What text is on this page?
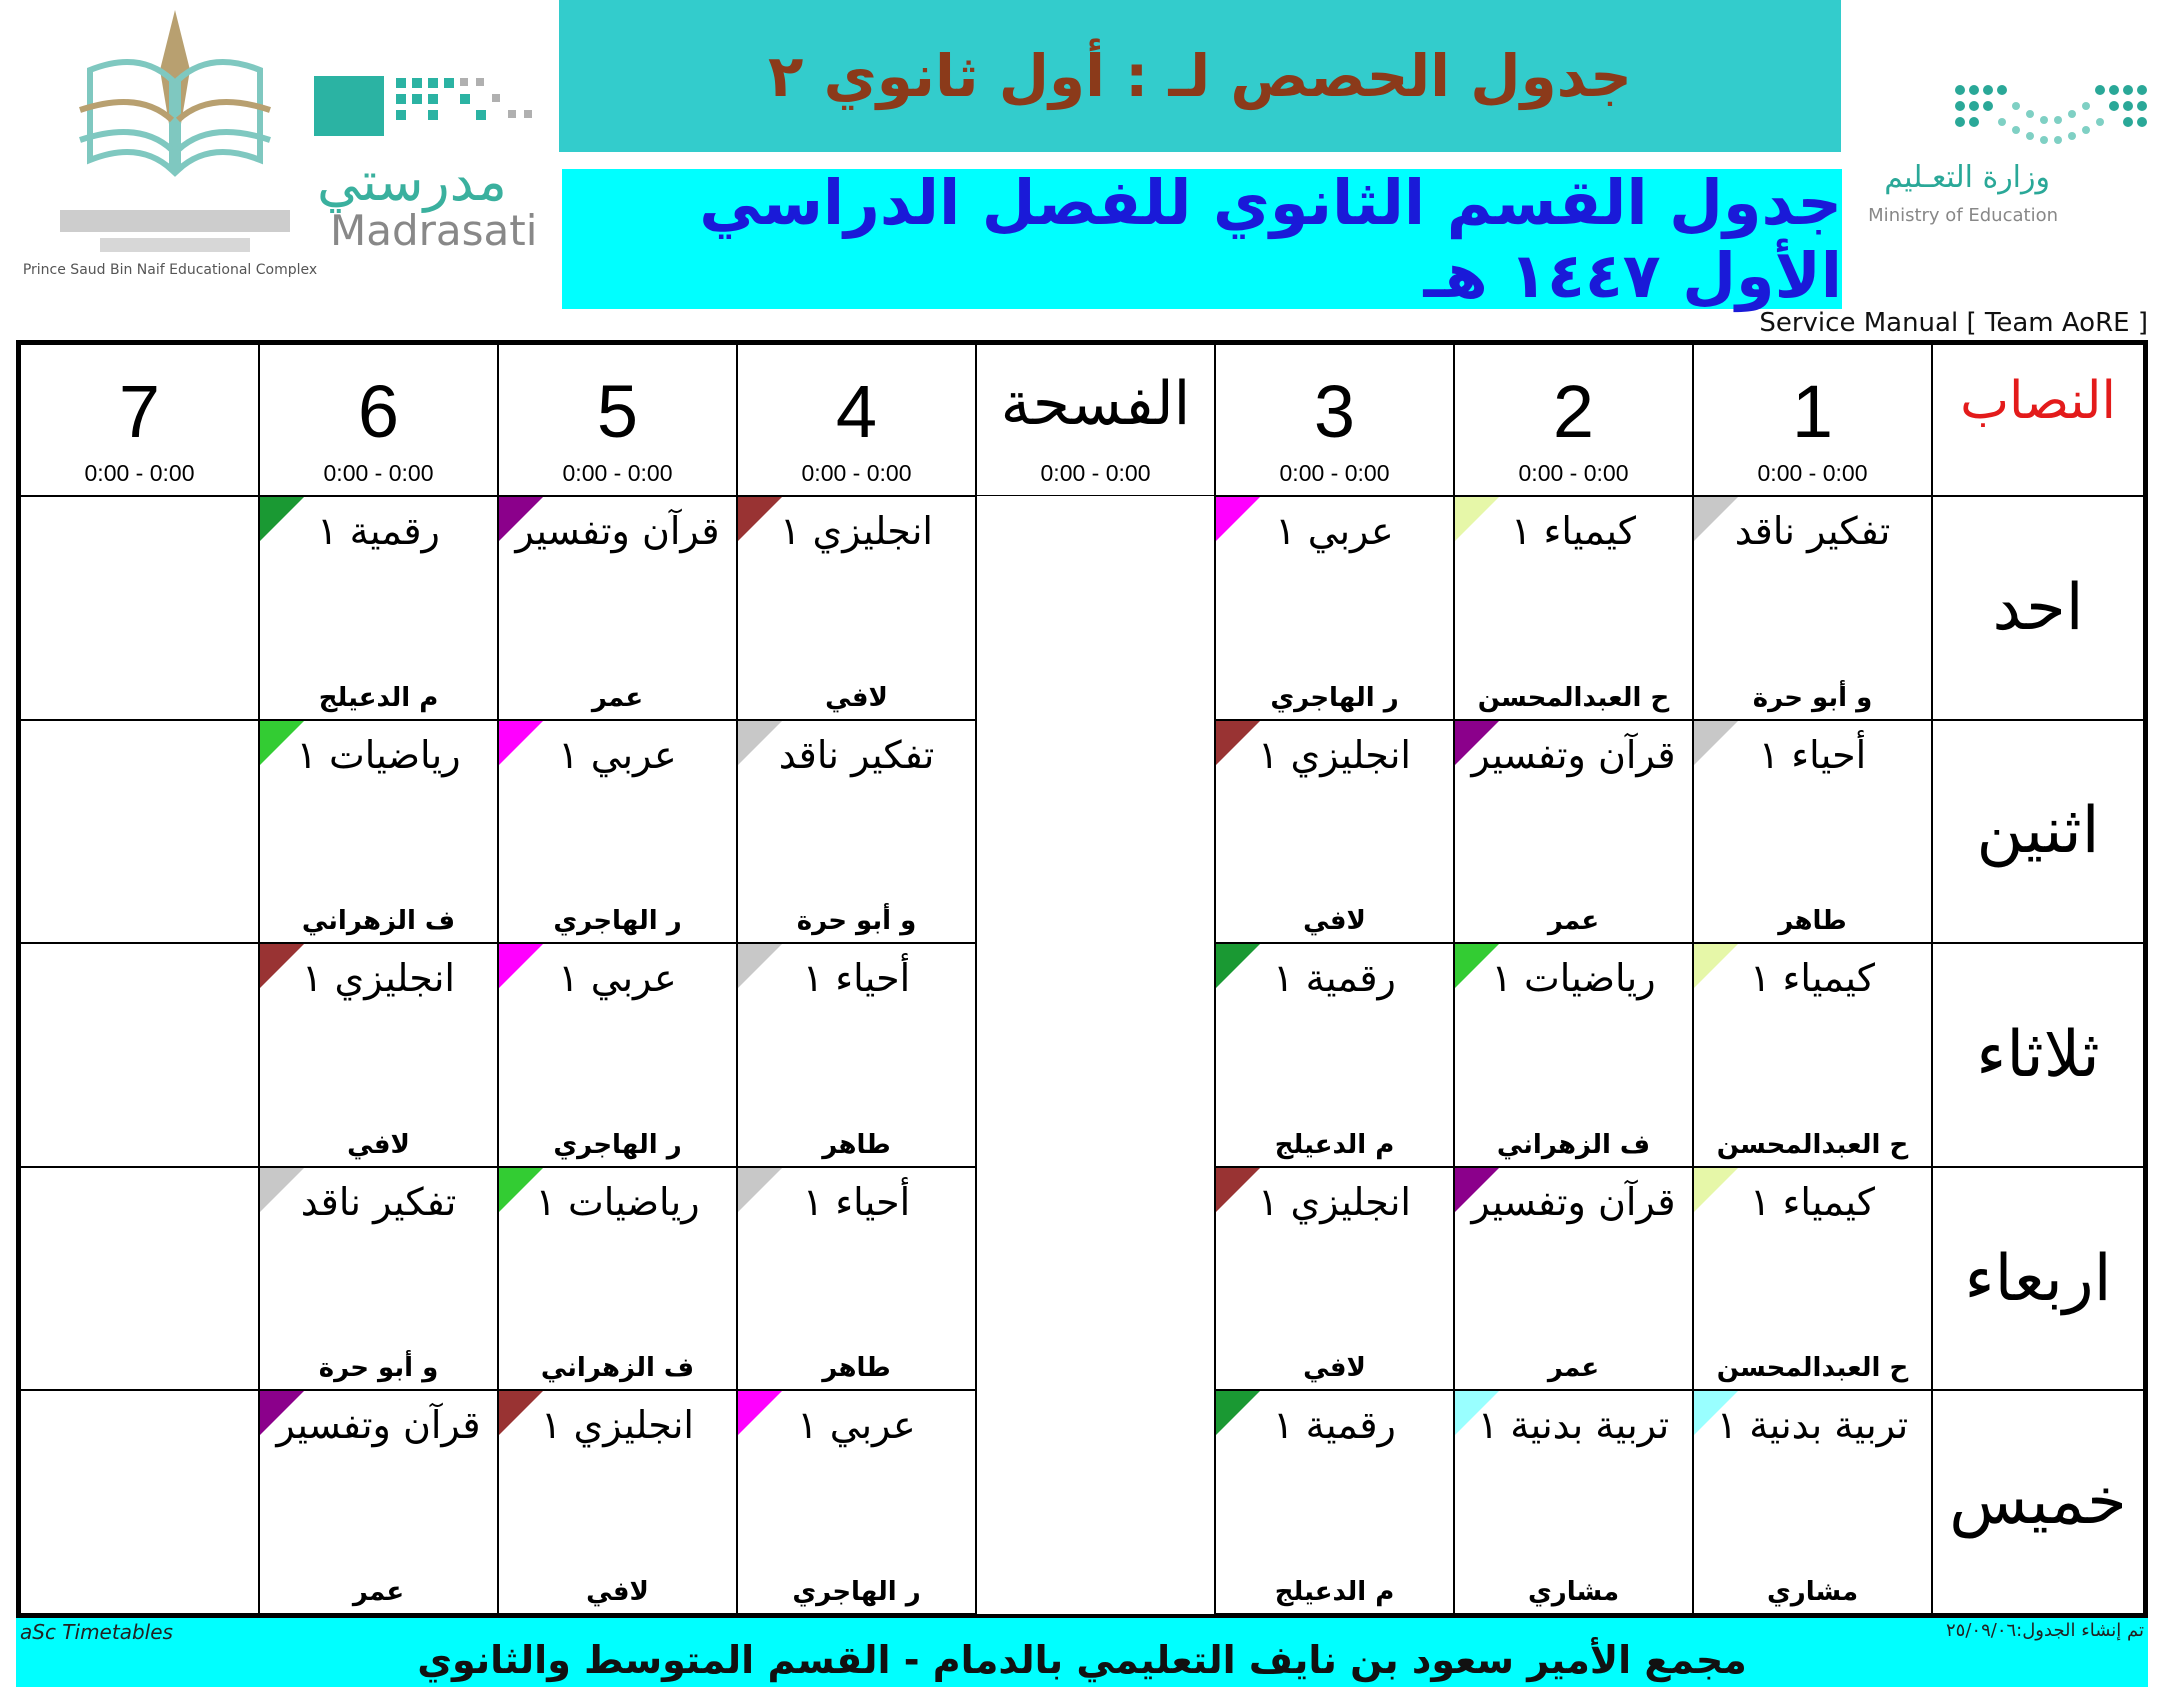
Prince Saud Bin Naif Educational Complex
مدرستي
Madrasati
وزارة التعـليم
Ministry of Education
جدول الحصص لـ : أول ثانوي ٢
جدول القسم الثانوي للفصل الدراسي الأول ١٤٤٧ هـ
Service Manual [ Team AoRE ]
النصاب
1
0:00 - 0:00
2
0:00 - 0:00
3
0:00 - 0:00
الفسحة
0:00 - 0:00
4
0:00 - 0:00
5
0:00 - 0:00
6
0:00 - 0:00
7
0:00 - 0:00
احد
تفكير ناقد
و أبو حرة
كيمياء ١
ح العبدالمحسن
عربي ١
ر الهاجري
انجليزي ١
لافي
قرآن وتفسير
عمر
رقمية ١
م الدعيلج
اثنين
أحياء ١
طاهر
قرآن وتفسير
عمر
انجليزي ١
لافي
تفكير ناقد
و أبو حرة
عربي ١
ر الهاجري
رياضيات ١
ف الزهراني
ثلاثاء
كيمياء ١
ح العبدالمحسن
رياضيات ١
ف الزهراني
رقمية ١
م الدعيلج
أحياء ١
طاهر
عربي ١
ر الهاجري
انجليزي ١
لافي
اربعاء
كيمياء ١
ح العبدالمحسن
قرآن وتفسير
عمر
انجليزي ١
لافي
أحياء ١
طاهر
رياضيات ١
ف الزهراني
تفكير ناقد
و أبو حرة
خميس
تربية بدنية ١
مشاري
تربية بدنية ١
مشاري
رقمية ١
م الدعيلج
عربي ١
ر الهاجري
انجليزي ١
لافي
قرآن وتفسير
عمر
aSc Timetables	تم إنشاء الجدول:٢٥/٠٩/٠٦
مجمع الأمير سعود بن نايف التعليمي بالدمام - القسم المتوسط والثانوي
